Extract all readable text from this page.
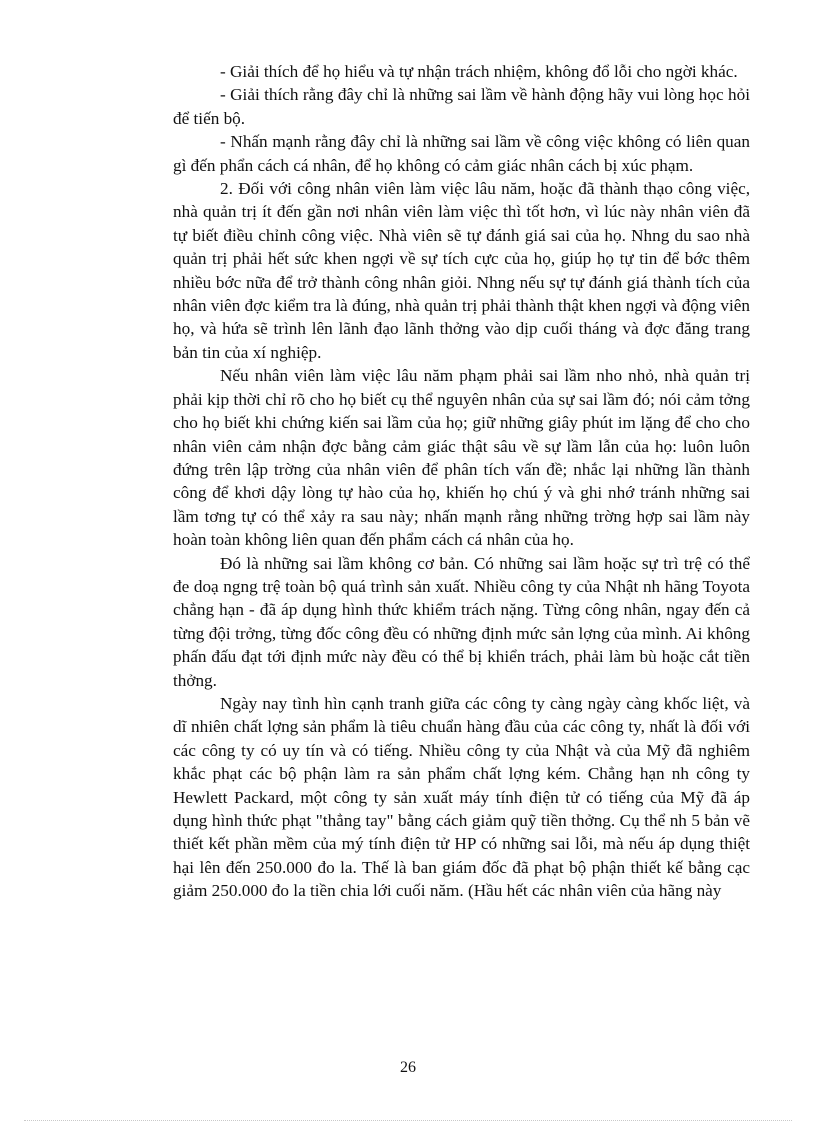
- Giải thích để họ hiểu và tự nhận trách nhiệm, không đổ lỗi cho ngời khác.

- Giải thích rằng đây chỉ là những sai lầm về hành động hãy vui lòng học hỏi để tiến bộ.

- Nhấn mạnh rằng đây chỉ là những sai lầm về công việc không có liên quan gì đến phẩn cách cá nhân, để họ không có cảm giác nhân cách bị xúc phạm.

2. Đối với công nhân viên làm việc lâu năm, hoặc đã thành thạo công việc, nhà quản trị ít đến gần nơi nhân viên làm việc thì tốt hơn, vì lúc này nhân viên đã tự biết điều chỉnh công việc. Nhà viên sẽ tự đánh giá sai của họ. Nhng du sao nhà quản trị phải hết sức khen ngợi về sự tích cực của họ, giúp họ tự tin để bớc thêm nhiều bớc nữa để trở thành công nhân giỏi. Nhng nếu sự tự đánh giá thành tích của nhân viên đợc kiểm tra là đúng, nhà quản trị phải thành thật khen ngợi và động viên họ, và hứa sẽ trình lên lãnh đạo lãnh thởng vào dịp cuối tháng và đợc đăng trang bản tin của xí nghiệp.

Nếu nhân viên làm việc lâu năm phạm phải sai lầm nho nhỏ, nhà quản trị phải kịp thời chỉ rõ cho họ biết cụ thể nguyên nhân của sự sai lầm đó; nói cảm tởng cho họ biết khi chứng kiến sai lầm của họ; giữ những giây phút im lặng để cho cho nhân viên cảm nhận đợc bằng cảm giác thật sâu về sự lầm lẫn của họ: luôn luôn đứng trên lập trờng của nhân viên để phân tích vấn đề; nhắc lại những lần thành công để khơi dậy lòng tự hào của họ, khiến họ chú ý và ghi nhớ tránh những sai lầm tơng tự có thể xảy ra sau này; nhấn mạnh rằng những trờng hợp sai lầm này hoàn toàn không liên quan đến phẩm cách cá nhân của họ.

Đó là những sai lầm không cơ bản. Có những sai lầm hoặc sự trì trệ có thể đe doạ ngng trệ toàn bộ quá trình sản xuất. Nhiều công ty của Nhật nh hãng Toyota chẳng hạn - đã áp dụng hình thức khiểm trách nặng. Từng công nhân, ngay đến cả từng đội trởng, từng đốc công đều có những định mức sản lợng của mình. Ai không phấn đấu đạt tới định mức này đều có thể bị khiển trách, phải làm bù hoặc cắt tiền thởng.

Ngày nay tình hìn cạnh tranh giữa các công ty càng ngày càng khốc liệt, và dĩ nhiên chất lợng sản phẩm là tiêu chuẩn hàng đầu của các công ty, nhất là đối với các công ty có uy tín và có tiếng. Nhiều công ty của Nhật và của Mỹ đã nghiêm khắc phạt các bộ phận làm ra sản phẩm chất lợng kém. Chẳng hạn nh công ty Hewlett Packard, một công ty sản xuất máy tính điện tử có tiếng của Mỹ đã áp dụng hình thức phạt "thẳng tay" bằng cách giảm quỹ tiền thởng. Cụ thể nh 5 bản vẽ thiết kết phần mềm của mý tính điện tử HP có những sai lỗi, mà nếu áp dụng thiệt hại lên đến 250.000 đo la. Thế là ban giám đốc đã phạt bộ phận thiết kế bằng cạc giảm 250.000 đo la tiền chia lới cuối năm. (Hầu hết các nhân viên của hãng này

26
